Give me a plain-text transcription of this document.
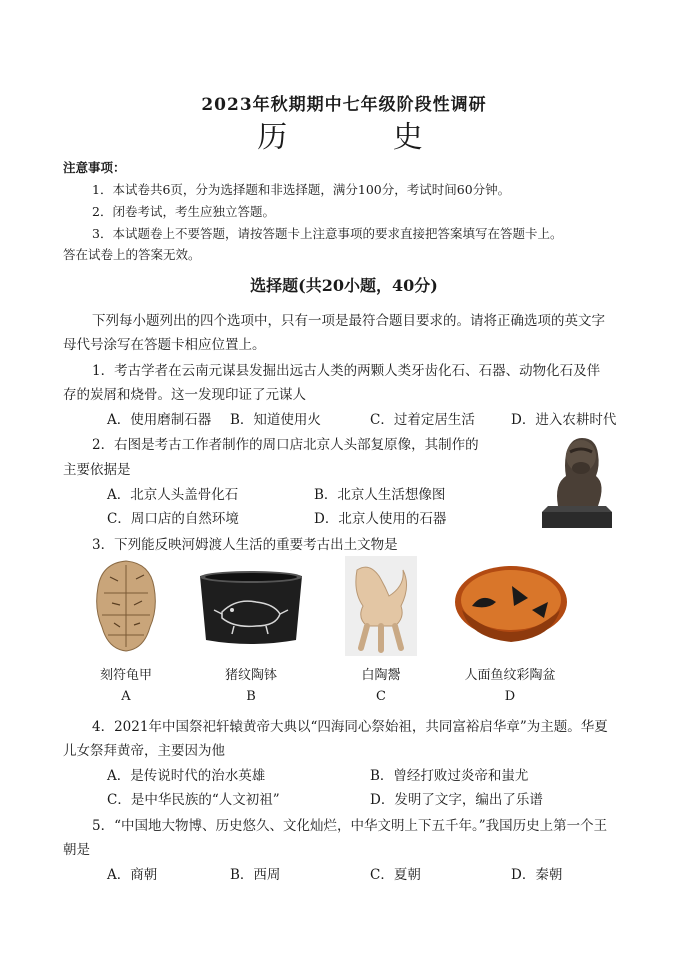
2023年秋期期中七年级阶段性调研
历 史
注意事项：
1．本试卷共6页，分为选择题和非选择题，满分100分，考试时间60分钟。
2．闭卷考试，考生应独立答题。
3．本试题卷上不要答题，请按答题卡上注意事项的要求直接把答案填写在答题卡上。
答在试卷上的答案无效。
选择题(共20小题，40分)
下列每小题列出的四个选项中，只有一项是最符合题目要求的。请将正确选项的英文字
母代号涂写在答题卡相应位置上。
1．考古学者在云南元谋县发掘出远古人类的两颗人类牙齿化石、石器、动物化石及伴
存的炭屑和烧骨。这一发现印证了元谋人
A．使用磨制石器 B．知道使用火	C．过着定居生活	D．进入农耕时代
2．右图是考古工作者制作的周口店北京人头部复原像，其制作的
主要依据是
A．北京人头盖骨化石	B．北京人生活想像图
C．周口店的自然环境	D．北京人使用的石器
3．下列能反映河姆渡人生活的重要考古出土文物是
刻符龟甲	猪纹陶钵	白陶鬶	人面鱼纹彩陶盆
A	B	C	D
4．2021年中国祭祀轩辕黄帝大典以“四海同心祭始祖，共同富裕启华章”为主题。华夏
儿女祭拜黄帝，主要因为他
A．是传说时代的治水英雄	B．曾经打败过炎帝和蚩尤
C．是中华民族的“人文初祖”	D．发明了文字，编出了乐谱
5．“中国地大物博、历史悠久、文化灿烂，中华文明上下五千年。”我国历史上第一个王
朝是
A．商朝	B．西周	C．夏朝	D．秦朝
